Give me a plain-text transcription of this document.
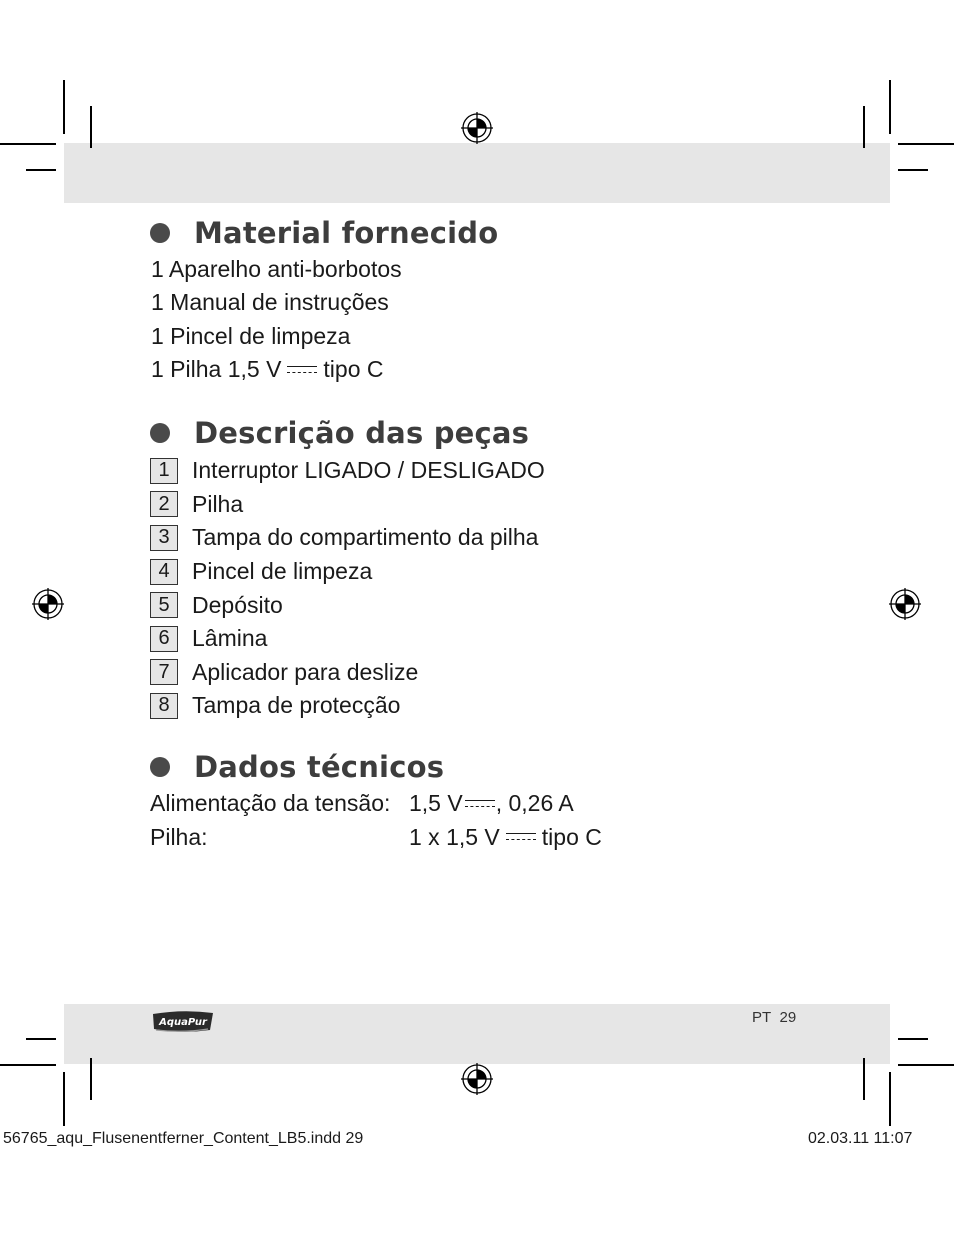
Material fornecido
1 Aparelho anti-borbotos
1 Manual de instruções
1 Pincel de limpeza
1 Pilha 1,5 V tipo C
Descrição das peças
1 Interruptor LIGADO / DESLIGADO
2 Pilha
3 Tampa do compartimento da pilha
4 Pincel de limpeza
5 Depósito
6 Lâmina
7 Aplicador para deslize
8 Tampa de protecção
Dados técnicos
Alimentação da tensão: 1,5 V , 0,26 A
Pilha:	1 x 1,5 V tipo C
AquaPur	PT 29
56765_aqu_Flusenentferner_Content_LB5.indd 29	02.03.11 11:07
